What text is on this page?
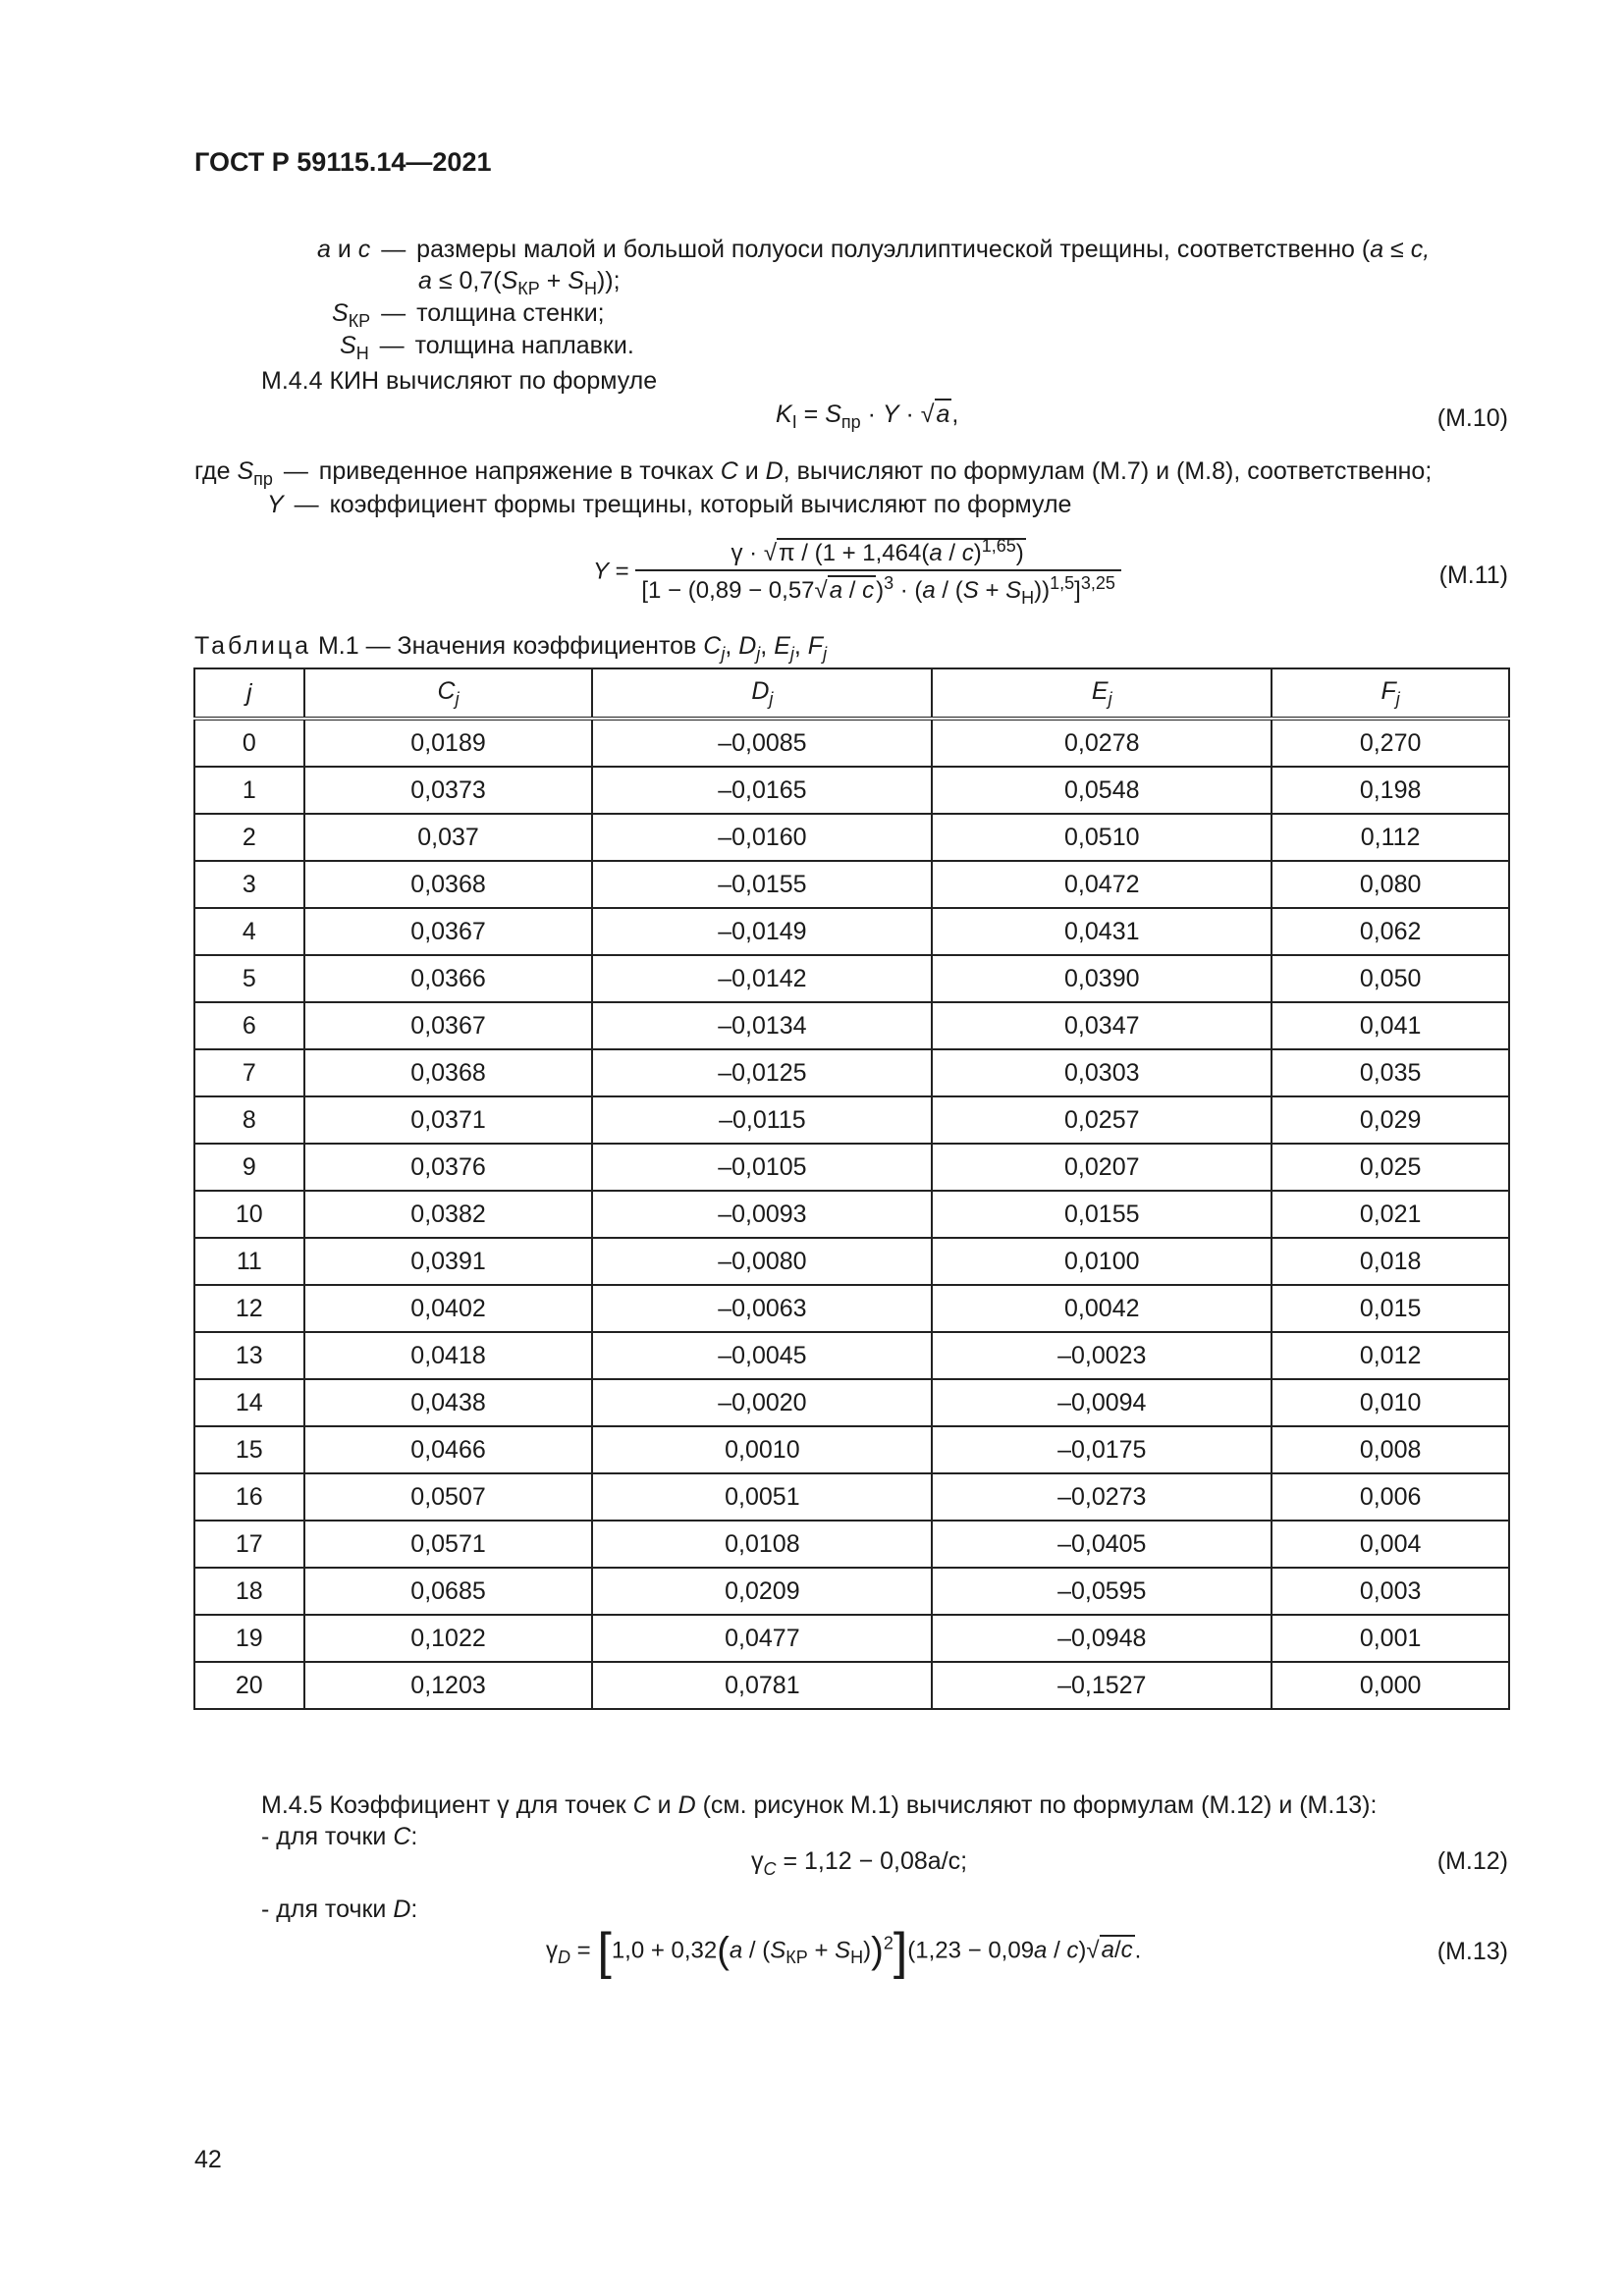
ГОСТ Р 59115.14—2021
a и c — размеры малой и большой полуоси полуэллиптической трещины, соответственно (a ≤ c,
$a \le 0,7(S_{КР} + S_Н)$);
$S_{КР}$ — толщина стенки;
$S_Н$ — толщина наплавки.
М.4.4 КИН вычисляют по формуле
$K_I = S_{пр} \cdot Y \cdot √a$,	(М.10)
где $S_{пр}$ — приведенное напряжение в точках C и D, вычисляют по формулам (М.7) и (М.8), соответственно;
Y — коэффициент формы трещины, который вычисляют по формуле
$Y = \frac{\gamma \cdot √\pi / (1 + 1,464(a / c)^{1,65})}{[1 - (0,89 - 0,57√a / c)^3 \cdot (a / (S + S_Н))^{1,5}]^{3,25}}$	(М.11)
Таблица М.1 — Значения коэффициентов $C_j$, $D_j$, $E_j$, $F_j$
j	$C_j$	$D_j$	$E_j$	$F_j$
0	0,0189	–0,0085	0,0278	0,270
1	0,0373	–0,0165	0,0548	0,198
2	0,037	–0,0160	0,0510	0,112
3	0,0368	–0,0155	0,0472	0,080
4	0,0367	–0,0149	0,0431	0,062
5	0,0366	–0,0142	0,0390	0,050
6	0,0367	–0,0134	0,0347	0,041
7	0,0368	–0,0125	0,0303	0,035
8	0,0371	–0,0115	0,0257	0,029
9	0,0376	–0,0105	0,0207	0,025
10	0,0382	–0,0093	0,0155	0,021
11	0,0391	–0,0080	0,0100	0,018
12	0,0402	–0,0063	0,0042	0,015
13	0,0418	–0,0045	–0,0023	0,012
14	0,0438	–0,0020	–0,0094	0,010
15	0,0466	0,0010	–0,0175	0,008
16	0,0507	0,0051	–0,0273	0,006
17	0,0571	0,0108	–0,0405	0,004
18	0,0685	0,0209	–0,0595	0,003
19	0,1022	0,0477	–0,0948	0,001
20	0,1203	0,0781	–0,1527	0,000
М.4.5 Коэффициент γ для точек C и D (см. рисунок М.1) вычисляют по формулам (М.12) и (М.13):
- для точки C:
$\gamma_C = 1,12 - 0,08a/c$;	(М.12)
- для точки D:
$\gamma_D = [1,0 + 0,32(a / (S_{КР} + S_Н))^2](1,23 - 0,09a / c)√a/c$.	(М.13)
42
